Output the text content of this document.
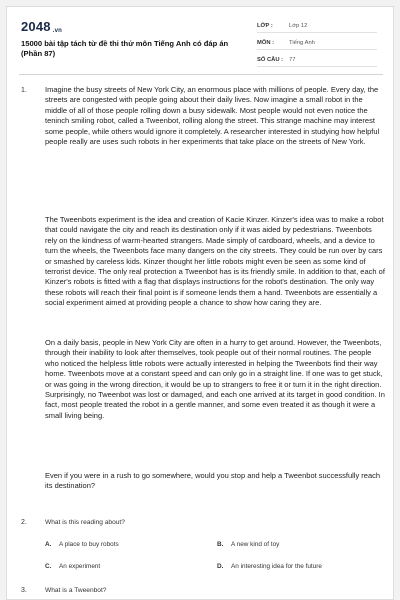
2048 .vn
15000 bài tập tách từ đề thi thử môn Tiếng Anh có đáp án (Phần 87)
LỚP :	Lớp 12
MÔN :	Tiếng Anh
SỐ CÂU :	77
1. Imagine the busy streets of New York City, an enormous place with millions of people. Every day, the streets are congested with people going about their daily lives. Now imagine a small robot in the middle of all of those people rolling down a busy sidewalk. Most people would not even notice the teninch smiling robot, called a Tweenbot, rolling along the street. This strange machine may interest some people, while others would ignore it completely. A researcher interested in studying how helpful people really are uses such robots in her experiments that take place on the streets of New York.

The Tweenbots experiment is the idea and creation of Kacie Kinzer. Kinzer's idea was to make a robot that could navigate the city and reach its destination only if it was aided by pedestrians. Tweenbots rely on the kindness of warm-hearted strangers. Made simply of cardboard, wheels, and a device to turn the wheels, the Tweenbots face many dangers on the city streets. They could be run over by cars or smashed by careless kids. Kinzer thought her little robots might even be seen as some kind of terrorist device. The only real protection a Tweenbot has is its friendly smile. In addition to that, each of Kinzer's robots is fitted with a flag that displays instructions for the robot's destination. The only way these robots will reach their final point is if someone lends them a hand. Tweenbots are essentially a social experiment aimed at providing people a chance to show how caring they are.

On a daily basis, people in New York City are often in a hurry to get around. However, the Tweenbots, through their inability to look after themselves, took people out of their normal routines. The people who noticed the helpless little robots were actually interested in helping the Tweenbots find their way home. Tweenbots move at a constant speed and can only go in a straight line. If one was to get stuck, or was going in the wrong direction, it would be up to strangers to free it or turn it in the right direction. Surprisingly, no Tweenbot was lost or damaged, and each one arrived at its target in good condition. In fact, most people treated the robot in a gentle manner, and some even treated it as though it were a small living being.

Even if you were in a rush to go somewhere, would you stop and help a Tweenbot successfully reach its destination?

2.	What is this reading about?
A. A place to buy robots	B. A new kind of toy
C. An experiment	D. An interesting idea for the future
3.	What is a Tweenbot?
